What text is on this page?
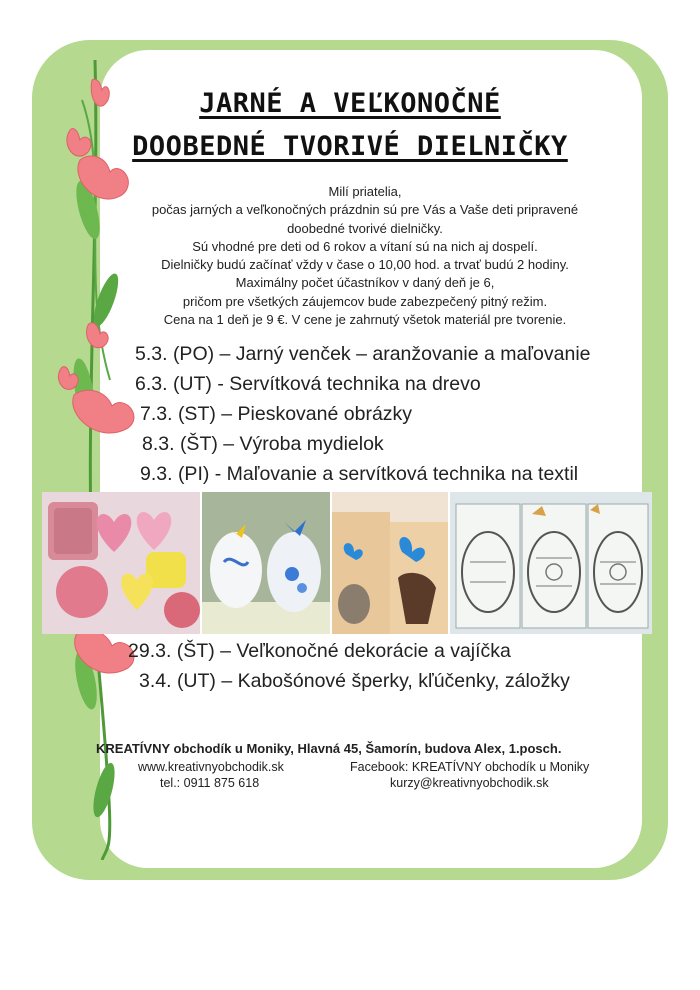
JARNÉ A VEĽKONOČNÉ
DOOBEDNÉ TVORIVÉ DIELNIČKY
Milí priatelia,
počas jarných a veľkonočných prázdnin sú pre Vás a Vaše deti pripravené
doobedné tvorivé dielničky.
Sú vhodné pre deti od 6 rokov a vítaní sú na nich aj dospelí.
Dielničky budú začínať vždy v čase o 10,00 hod. a trvať budú 2 hodiny.
Maximálny počet účastníkov v daný deň je 6,
pričom pre všetkých záujemcov bude zabezpečený pitný režim.
Cena na 1 deň je 9 €. V cene je zahrnutý všetok materiál pre tvorenie.
5.3. (PO) – Jarný venček – aranžovanie a maľovanie
6.3. (UT) - Servítková technika na drevo
7.3. (ST) – Pieskované obrázky
8.3. (ŠT) – Výroba mydielok
9.3. (PI) - Maľovanie a servítková technika na textil
29.3. (ŠT) – Veľkonočné dekorácie a vajíčka
3.4. (UT) – Kabošónové šperky, kľúčenky, záložky
KREATÍVNY obchodík u Moniky, Hlavná 45, Šamorín, budova Alex, 1.posch.
www.kreativnyobchodik.sk
tel.: 0911 875 618
Facebook: KREATÍVNY obchodík u Moniky
kurzy@kreativnyobchodik.sk
